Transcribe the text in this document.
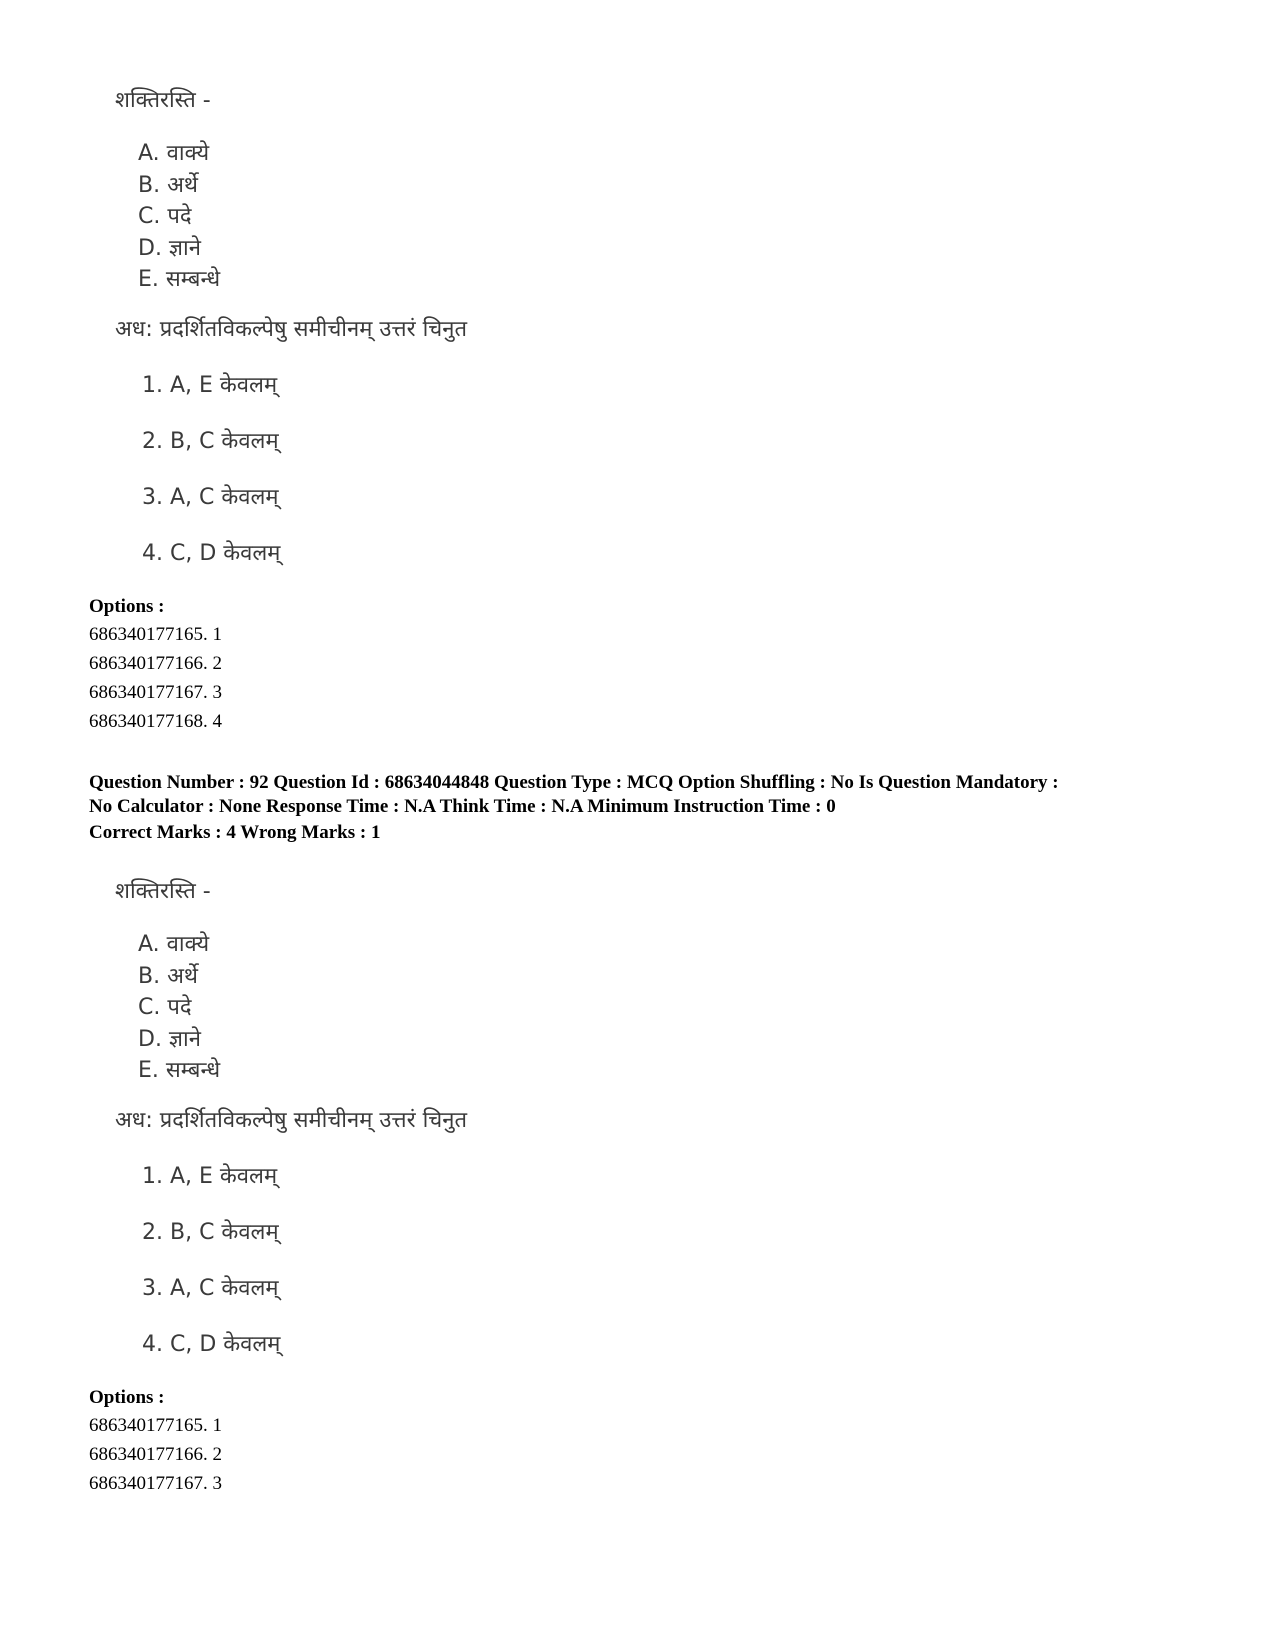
शक्तिरस्ति -
A. वाक्ये
B. अर्थे
C. पदे
D. ज्ञाने
E. सम्बन्धे
अध: प्रदर्शितविकल्पेषु समीचीनम् उत्तरं चिनुत
1. A, E केवलम्
2. B, C केवलम्
3. A, C केवलम्
4. C, D केवलम्
Options :
686340177165. 1
686340177166. 2
686340177167. 3
686340177168. 4
Question Number : 92 Question Id : 68634044848 Question Type : MCQ Option Shuffling : No Is Question Mandatory :
No Calculator : None Response Time : N.A Think Time : N.A Minimum Instruction Time : 0
Correct Marks : 4 Wrong Marks : 1
शक्तिरस्ति -
A. वाक्ये
B. अर्थे
C. पदे
D. ज्ञाने
E. सम्बन्धे
अध: प्रदर्शितविकल्पेषु समीचीनम् उत्तरं चिनुत
1. A, E केवलम्
2. B, C केवलम्
3. A, C केवलम्
4. C, D केवलम्
Options :
686340177165. 1
686340177166. 2
686340177167. 3
